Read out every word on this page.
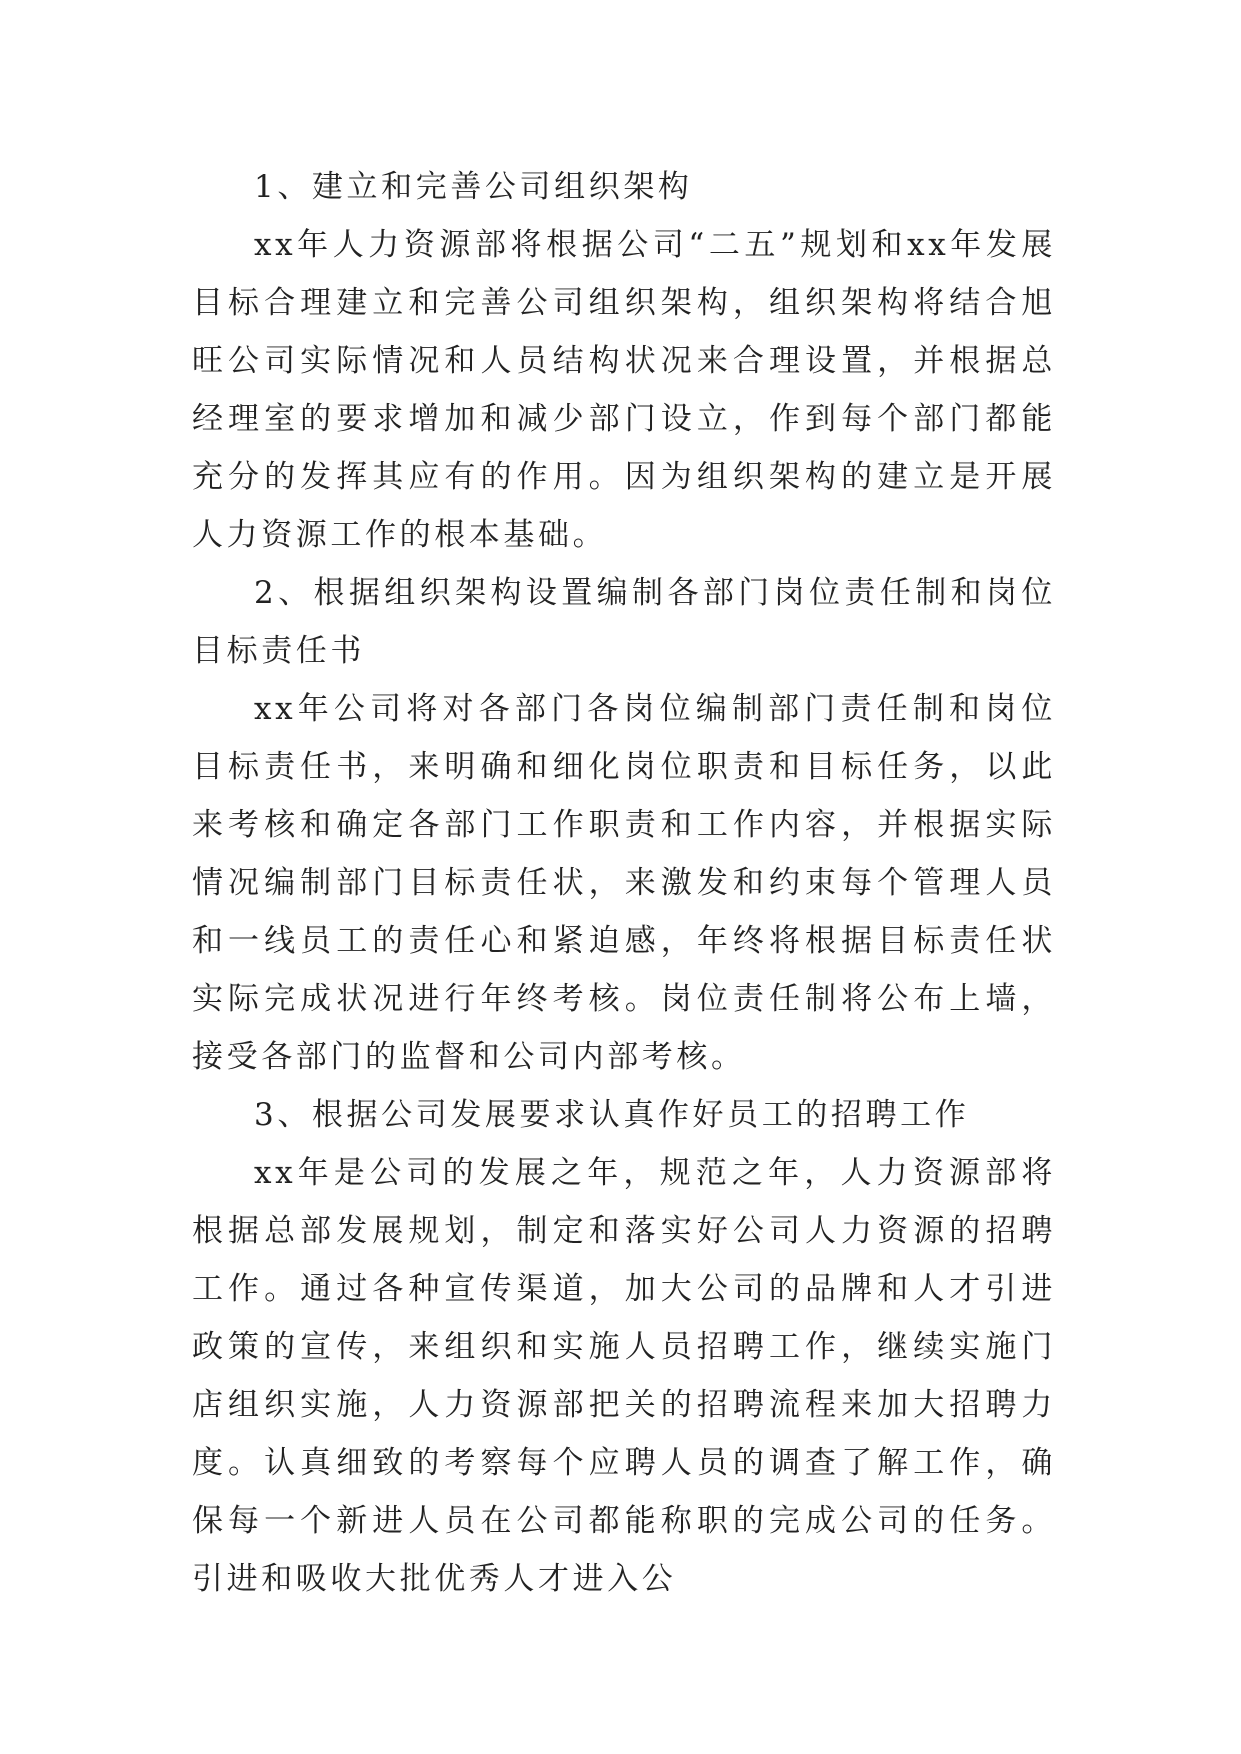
1、建立和完善公司组织架构

xx年人力资源部将根据公司“二五”规划和xx年发展目标合理建立和完善公司组织架构，组织架构将结合旭旺公司实际情况和人员结构状况来合理设置，并根据总经理室的要求增加和减少部门设立，作到每个部门都能充分的发挥其应有的作用。因为组织架构的建立是开展人力资源工作的根本基础。

2、根据组织架构设置编制各部门岗位责任制和岗位目标责任书

xx年公司将对各部门各岗位编制部门责任制和岗位目标责任书，来明确和细化岗位职责和目标任务，以此来考核和确定各部门工作职责和工作内容，并根据实际情况编制部门目标责任状，来激发和约束每个管理人员和一线员工的责任心和紧迫感，年终将根据目标责任状实际完成状况进行年终考核。岗位责任制将公布上墙，接受各部门的监督和公司内部考核。

3、根据公司发展要求认真作好员工的招聘工作

xx年是公司的发展之年，规范之年，人力资源部将根据总部发展规划，制定和落实好公司人力资源的招聘工作。通过各种宣传渠道，加大公司的品牌和人才引进政策的宣传，来组织和实施人员招聘工作，继续实施门店组织实施，人力资源部把关的招聘流程来加大招聘力度。认真细致的考察每个应聘人员的调查了解工作，确保每一个新进人员在公司都能称职的完成公司的任务。引进和吸收大批优秀人才进入公
